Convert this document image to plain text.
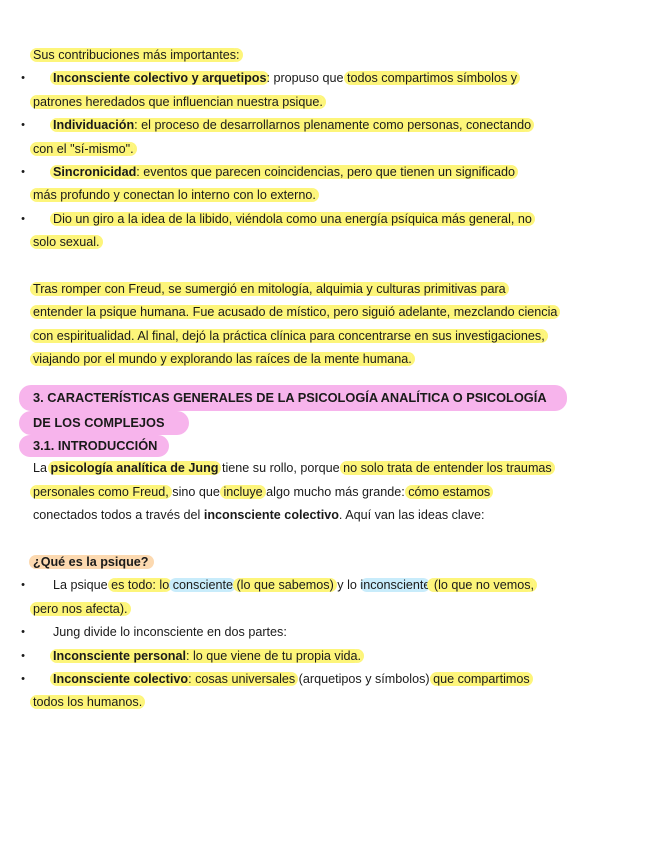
Sus contribuciones más importantes:
•	Inconsciente colectivo y arquetipos: propuso que todos compartimos símbolos y
patrones heredados que influencian nuestra psique.
•	Individuación: el proceso de desarrollarnos plenamente como personas, conectando
con el "sí-mismo".
•	Sincronicidad: eventos que parecen coincidencias, pero que tienen un significado
más profundo y conectan lo interno con lo externo.
•	Dio un giro a la idea de la libido, viéndola como una energía psíquica más general, no
solo sexual.
Tras romper con Freud, se sumergió en mitología, alquimia y culturas primitivas para
entender la psique humana. Fue acusado de místico, pero siguió adelante, mezclando ciencia
con espiritualidad. Al final, dejó la práctica clínica para concentrarse en sus investigaciones,
viajando por el mundo y explorando las raíces de la mente humana.
3. CARACTERÍSTICAS GENERALES DE LA PSICOLOGÍA ANALÍTICA O PSICOLOGÍA
DE LOS COMPLEJOS
3.1. INTRODUCCIÓN
La psicología analítica de Jung tiene su rollo, porque no solo trata de entender los traumas
personales como Freud, sino que incluye algo mucho más grande: cómo estamos
conectados todos a través del inconsciente colectivo. Aquí van las ideas clave:
¿Qué es la psique?
•	La psique es todo: lo consciente (lo que sabemos) y lo inconsciente (lo que no vemos,
pero nos afecta).
•	Jung divide lo inconsciente en dos partes:
•	Inconsciente personal: lo que viene de tu propia vida.
•	Inconsciente colectivo: cosas universales (arquetipos y símbolos) que compartimos
todos los humanos.
